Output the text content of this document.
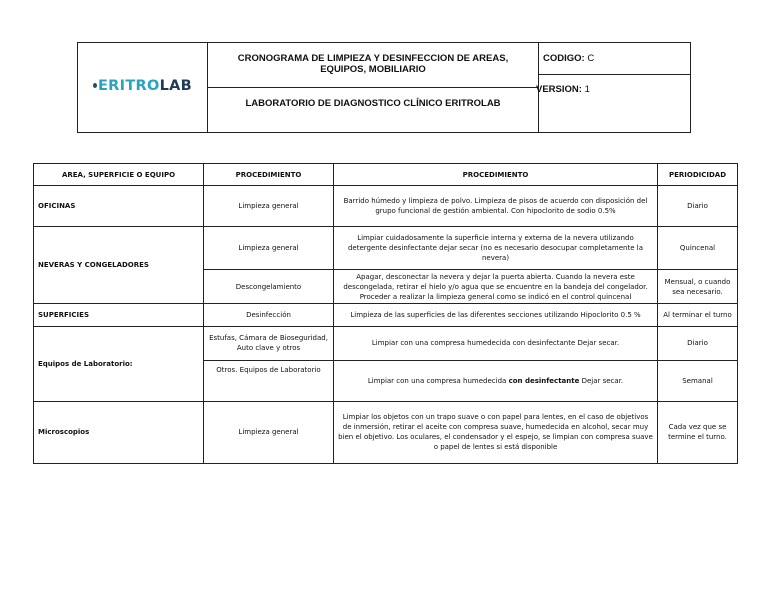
ERITROLAB
CRONOGRAMA DE LIMPIEZA Y DESINFECCION DE AREAS,
EQUIPOS, MOBILIARIO
LABORATORIO DE DIAGNOSTICO CLÍNICO ERITROLAB
CODIGO: C
VERSION: 1
AREA, SUPERFICIE O EQUIPO	PROCEDIMIENTO	PROCEDIMIENTO	PERIODICIDAD
OFICINAS	Limpieza general	Barrido húmedo y limpieza de polvo. Limpieza de pisos de acuerdo con disposición del grupo funcional de gestión ambiental. Con hipoclorito de sodio 0.5%	Diario
NEVERAS Y CONGELADORES	Limpieza general	Limpiar cuidadosamente la superficie interna y externa de la nevera utilizando detergente desinfectante dejar secar (no es necesario desocupar completamente la nevera)	Quincenal
	Descongelamiento	Apagar, desconectar la nevera y dejar la puerta abierta. Cuando la nevera este descongelada, retirar el hielo y/o agua que se encuentre en la bandeja del congelador. Proceder a realizar la limpieza general como se indicó en el control quincenal	Mensual, o cuando sea necesario.
SUPERFICIES	Desinfección	Limpieza de las superficies de las diferentes secciones utilizando Hipoclorito 0.5 %	Al terminar el turno
Equipos de Laboratorio:	Estufas, Cámara de Bioseguridad, Auto clave y otros	Limpiar con una compresa humedecida con desinfectante Dejar secar.	Diario
	Otros. Equipos de Laboratorio	Limpiar con una compresa humedecida con desinfectante Dejar secar.	Semanal
Microscopios	Limpieza general	Limpiar los objetos con un trapo suave o con papel para lentes, en el caso de objetivos de inmersión, retirar el aceite con compresa suave, humedecida en alcohol, secar muy bien el objetivo. Los oculares, el condensador y el espejo, se limpian con compresa suave o papel de lentes si está disponible	Cada vez que se termine el turno.
